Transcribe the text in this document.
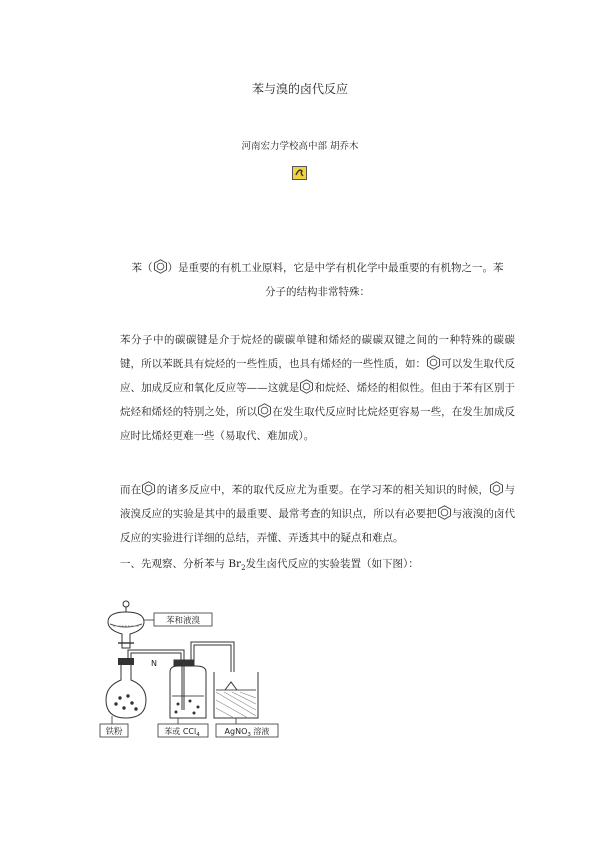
苯与溴的卤代反应
河南宏力学校高中部 胡乔木
苯（ ）是重要的有机工业原料，它是中学有机化学中最重要的有机物之一。苯
分子的结构非常特殊：
苯分子中的碳碳键是介于烷烃的碳碳单键和烯烃的碳碳双键之间的一种特殊的碳碳键，所以苯既具有烷烃的一些性质，也具有烯烃的一些性质，如： 可以发生取代反应、加成反应和氧化反应等——这就是 和烷烃、烯烃的相似性。但由于苯有区别于烷烃和烯烃的特别之处，所以 在发生取代反应时比烷烃更容易一些，在发生加成反应时比烯烃更难一些（易取代、难加成）。
而在 的诸多反应中，苯的取代反应尤为重要。在学习苯的相关知识的时候， 与液溴反应的实验是其中的最重要、最常考查的知识点，所以有必要把 与液溴的卤代反应的实验进行详细的总结，弄懂、弄透其中的疑点和难点。
一、先观察、分析苯与 $Br_2$发生卤代反应的实验装置（如下图）：
苯和液溴
N
铁粉	苯或 CCl$_4$	AgNO$_3$ 溶液
